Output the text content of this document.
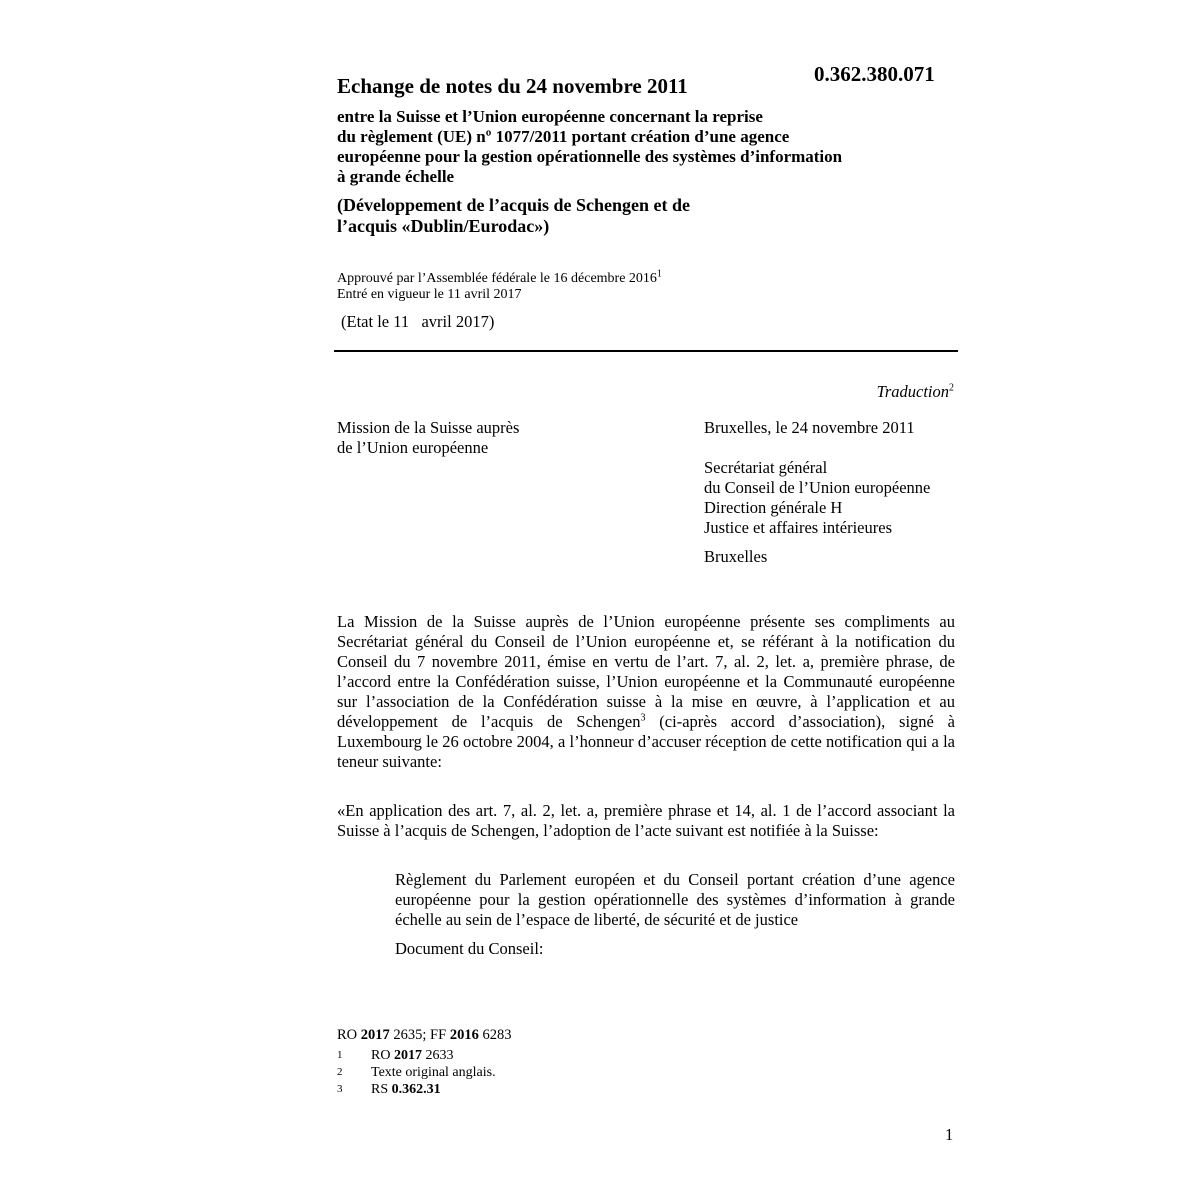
0.362.380.071
Echange de notes du 24 novembre 2011
entre la Suisse et l’Union européenne concernant la reprise
du règlement (UE) nº 1077/2011 portant création d’une agence
européenne pour la gestion opérationnelle des systèmes d’information
à grande échelle
(Développement de l’acquis de Schengen et de
l’acquis «Dublin/Eurodac»)
Approuvé par l’Assemblée fédérale le 16 décembre 2016$^1$
Entré en vigueur le 11 avril 2017
(Etat le 11   avril 2017)
Traduction$^2$
Mission de la Suisse auprès
de l’Union européenne
Bruxelles, le 24 novembre 2011
Secrétariat général
du Conseil de l’Union européenne
Direction générale H
Justice et affaires intérieures
Bruxelles

La Mission de la Suisse auprès de l’Union européenne présente ses compliments au Secrétariat général du Conseil de l’Union européenne et, se référant à la notification du Conseil du 7 novembre 2011, émise en vertu de l’art. 7, al. 2, let. a, première phrase, de l’accord entre la Confédération suisse, l’Union européenne et la Communauté européenne sur l’association de la Confédération suisse à la mise en œuvre, à l’application et au développement de l’acquis de Schengen$^3$ (ci-après accord d’association), signé à Luxembourg le 26 octobre 2004, a l’honneur d’accuser réception de cette notification qui a la teneur suivante:

«En application des art. 7, al. 2, let. a, première phrase et 14, al. 1 de l’accord associant la Suisse à l’acquis de Schengen, l’adoption de l’acte suivant est notifiée à la Suisse:

Règlement du Parlement européen et du Conseil portant création d’une agence européenne pour la gestion opérationnelle des systèmes d’information à grande échelle au sein de l’espace de liberté, de sécurité et de justice

Document du Conseil:
RO 2017 2635; FF 2016 6283
1 RO 2017 2633
2 Texte original anglais.
3 RS 0.362.31
1
